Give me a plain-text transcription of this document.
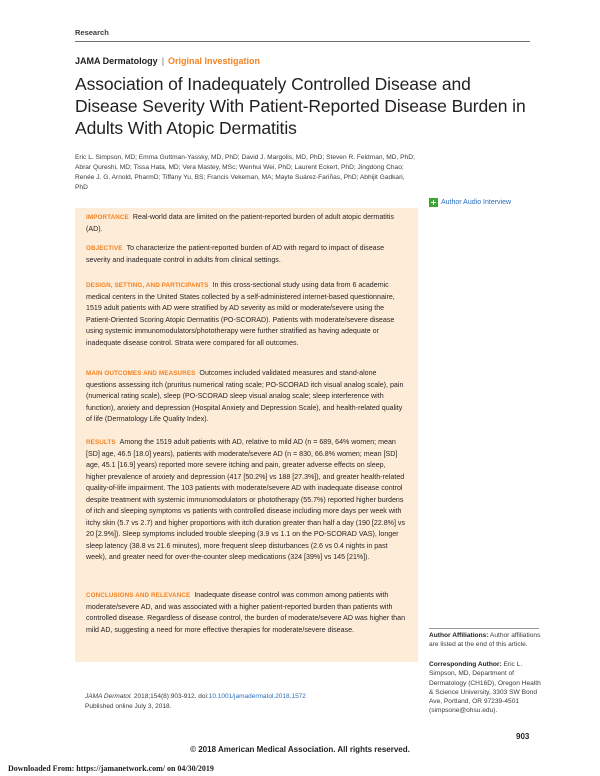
Research
JAMA Dermatology | Original Investigation
Association of Inadequately Controlled Disease and Disease Severity With Patient-Reported Disease Burden in Adults With Atopic Dermatitis
Eric L. Simpson, MD; Emma Guttman-Yassky, MD, PhD; David J. Margolis, MD, PhD; Steven R. Feldman, MD, PhD; Abrar Qureshi, MD; Tissa Hata, MD; Vera Mastey, MSc; Wenhui Wei, PhD; Laurent Eckert, PhD; Jingdong Chao; Renée J. G. Arnold, PharmD; Tiffany Yu, BS; Francis Vekeman, MA; Mayte Suárez-Fariñas, PhD; Abhijit Gadkari, PhD
+ Author Audio Interview

IMPORTANCE Real-world data are limited on the patient-reported burden of adult atopic dermatitis (AD).

OBJECTIVE To characterize the patient-reported burden of AD with regard to impact of disease severity and inadequate control in adults from clinical settings.

DESIGN, SETTING, AND PARTICIPANTS In this cross-sectional study using data from 6 academic medical centers in the United States collected by a self-administered internet-based questionnaire, 1519 adult patients with AD were stratified by AD severity as mild or moderate/severe using the Patient-Oriented Scoring Atopic Dermatitis (PO-SCORAD). Patients with moderate/severe disease using systemic immunomodulators/phototherapy were further stratified as having adequate or inadequate disease control. Strata were compared for all outcomes.

MAIN OUTCOMES AND MEASURES Outcomes included validated measures and stand-alone questions assessing itch (pruritus numerical rating scale; PO-SCORAD itch visual analog scale), pain (numerical rating scale), sleep (PO-SCORAD sleep visual analog scale; sleep interference with function), anxiety and depression (Hospital Anxiety and Depression Scale), and health-related quality of life (Dermatology Life Quality Index).

RESULTS Among the 1519 adult patients with AD, relative to mild AD (n = 689, 64% women; mean [SD] age, 46.5 [18.0] years), patients with moderate/severe AD (n = 830, 66.8% women; mean [SD] age, 45.1 [16.9] years) reported more severe itching and pain, greater adverse effects on sleep, higher prevalence of anxiety and depression (417 [50.2%] vs 188 [27.3%]), and greater health-related quality-of-life impairment. The 103 patients with moderate/severe AD with inadequate disease control despite treatment with systemic immunomodulators or phototherapy (55.7%) reported higher burdens of itch and sleeping symptoms vs patients with controlled disease including more days per week with itchy skin (5.7 vs 2.7) and higher proportions with itch duration greater than half a day (190 [22.8%] vs 20 [2.9%]). Sleep symptoms included trouble sleeping (3.9 vs 1.1 on the PO-SCORAD VAS), longer sleep latency (38.8 vs 21.6 minutes), more frequent sleep disturbances (2.6 vs 0.4 nights in past week), and greater need for over-the-counter sleep medications (324 [39%] vs 145 [21%]).

CONCLUSIONS AND RELEVANCE Inadequate disease control was common among patients with moderate/severe AD, and was associated with a higher patient-reported burden than patients with controlled disease. Regardless of disease control, the burden of moderate/severe AD was higher than mild AD, suggesting a need for more effective therapies for moderate/severe disease.

JAMA Dermatol. 2018;154(8):903-912. doi:10.1001/jamadermatol.2018.1572
Published online July 3, 2018.
Author Affiliations: Author affiliations are listed at the end of this article.
Corresponding Author: Eric L. Simpson, MD, Department of Dermatology (CH16D), Oregon Health & Science University, 3303 SW Bond Ave, Portland, OR 97239-4501 (simpsone@ohsu.edu).
903
© 2018 American Medical Association. All rights reserved.
Downloaded From: https://jamanetwork.com/ on 04/30/2019
